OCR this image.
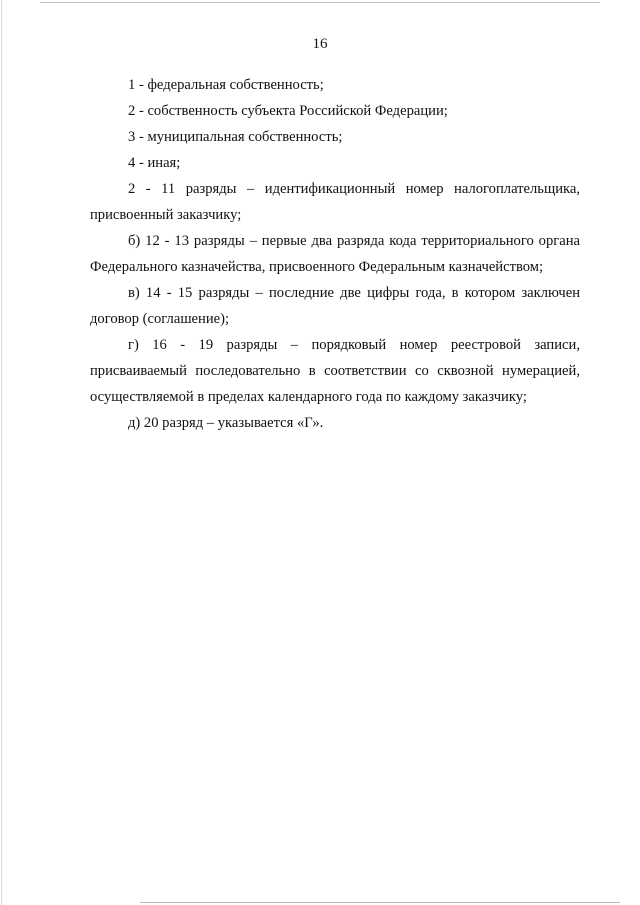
16

1 - федеральная собственность;

2 - собственность субъекта Российской Федерации;

3 - муниципальная собственность;

4 - иная;

2 - 11 разряды – идентификационный номер налогоплательщика, присвоенный заказчику;

б) 12 - 13 разряды – первые два разряда кода территориального органа Федерального казначейства, присвоенного Федеральным казначейством;

в) 14 - 15 разряды – последние две цифры года, в котором заключен договор (соглашение);

г) 16 - 19 разряды – порядковый номер реестровой записи, присваиваемый последовательно в соответствии со сквозной нумерацией, осуществляемой в пределах календарного года по каждому заказчику;

д) 20 разряд – указывается «Г».
